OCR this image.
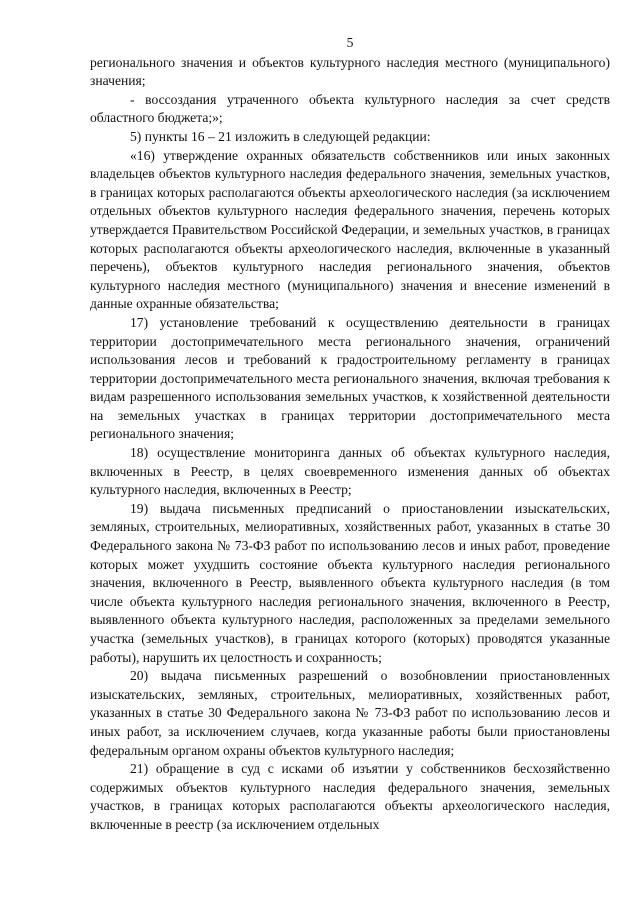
5

регионального значения и объектов культурного наследия местного (муниципального) значения;

- воссоздания утраченного объекта культурного наследия за счет средств областного бюджета;»;

5) пункты 16 – 21 изложить в следующей редакции:

«16) утверждение охранных обязательств собственников или иных законных владельцев объектов культурного наследия федерального значения, земельных участков, в границах которых располагаются объекты археологического наследия (за исключением отдельных объектов культурного наследия федерального значения, перечень которых утверждается Правительством Российской Федерации, и земельных участков, в границах которых располагаются объекты археологического наследия, включенные в указанный перечень), объектов культурного наследия регионального значения, объектов культурного наследия местного (муниципального) значения и внесение изменений в данные охранные обязательства;

17) установление требований к осуществлению деятельности в границах территории достопримечательного места регионального значения, ограничений использования лесов и требований к градостроительному регламенту в границах территории достопримечательного места регионального значения, включая требования к видам разрешенного использования земельных участков, к хозяйственной деятельности на земельных участках в границах территории достопримечательного места регионального значения;

18) осуществление мониторинга данных об объектах культурного наследия, включенных в Реестр, в целях своевременного изменения данных об объектах культурного наследия, включенных в Реестр;

19) выдача письменных предписаний о приостановлении изыскательских, земляных, строительных, мелиоративных, хозяйственных работ, указанных в статье 30 Федерального закона № 73-ФЗ работ по использованию лесов и иных работ, проведение которых может ухудшить состояние объекта культурного наследия регионального значения, включенного в Реестр, выявленного объекта культурного наследия (в том числе объекта культурного наследия регионального значения, включенного в Реестр, выявленного объекта культурного наследия, расположенных за пределами земельного участка (земельных участков), в границах которого (которых) проводятся указанные работы), нарушить их целостность и сохранность;

20) выдача письменных разрешений о возобновлении приостановленных изыскательских, земляных, строительных, мелиоративных, хозяйственных работ, указанных в статье 30 Федерального закона № 73-ФЗ работ по использованию лесов и иных работ, за исключением случаев, когда указанные работы были приостановлены федеральным органом охраны объектов культурного наследия;

21) обращение в суд с исками об изъятии у собственников бесхозяйственно содержимых объектов культурного наследия федерального значения, земельных участков, в границах которых располагаются объекты археологического наследия, включенные в реестр (за исключением отдельных
